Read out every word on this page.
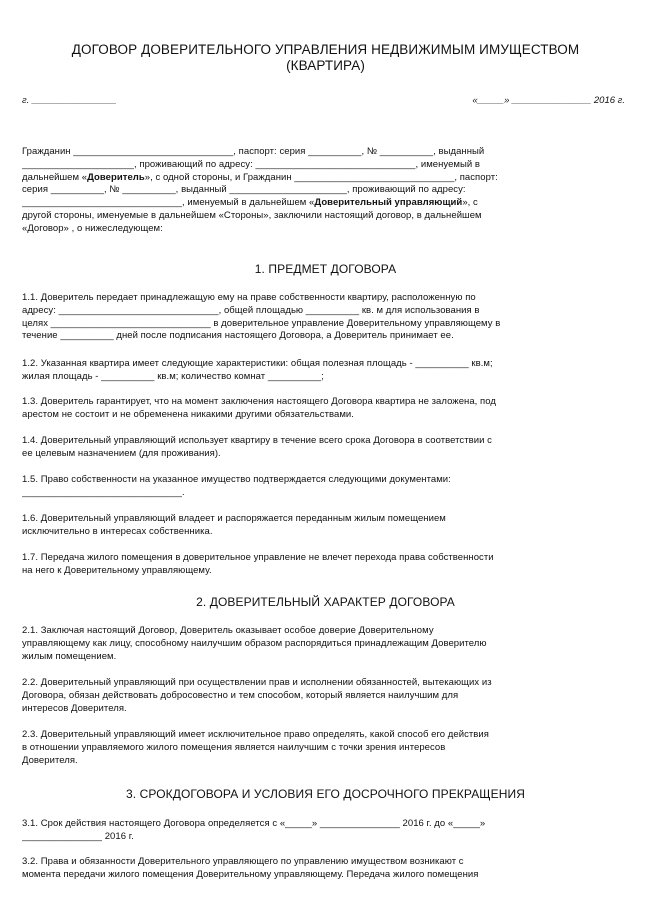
ДОГОВОР ДОВЕРИТЕЛЬНОГО УПРАВЛЕНИЯ НЕДВИЖИМЫМ ИМУЩЕСТВОМ
(КВАРТИРА)
г. ________________	«_____» _______________ 2016 г.
Гражданин ______________________________, паспорт: серия __________, № __________, выданный
_____________________, проживающий по адресу: ______________________________, именуемый в
дальнейшем «Доверитель», с одной стороны, и Гражданин ______________________________, паспорт:
серия __________, № __________, выданный ______________________, проживающий по адресу:
______________________________, именуемый в дальнейшем «Доверительный управляющий», с
другой стороны, именуемые в дальнейшем «Стороны», заключили настоящий договор, в дальнейшем
«Договор» , о нижеследующем:
1. ПРЕДМЕТ ДОГОВОРА
1.1. Доверитель передает принадлежащую ему на праве собственности квартиру, расположенную по
адресу: ______________________________, общей площадью __________ кв. м для использования в
целях ______________________________ в доверительное управление Доверительному управляющему в
течение __________ дней после подписания настоящего Договора, а Доверитель принимает ее.
1.2. Указанная квартира имеет следующие характеристики: общая полезная площадь - __________ кв.м;
жилая площадь - __________ кв.м; количество комнат __________;
1.3. Доверитель гарантирует, что на момент заключения настоящего Договора квартира не заложена, под
арестом не состоит и не обременена никакими другими обязательствами.
1.4. Доверительный управляющий использует квартиру в течение всего срока Договора в соответствии с
ее целевым назначением (для проживания).
1.5. Право собственности на указанное имущество подтверждается следующими документами:
______________________________.
1.6. Доверительный управляющий владеет и распоряжается переданным жилым помещением
исключительно в интересах собственника.
1.7. Передача жилого помещения в доверительное управление не влечет перехода права собственности
на него к Доверительному управляющему.
2. ДОВЕРИТЕЛЬНЫЙ ХАРАКТЕР ДОГОВОРА
2.1. Заключая настоящий Договор, Доверитель оказывает особое доверие Доверительному
управляющему как лицу, способному наилучшим образом распорядиться принадлежащим Доверителю
жилым помещением.
2.2. Доверительный управляющий при осуществлении прав и исполнении обязанностей, вытекающих из
Договора, обязан действовать добросовестно и тем способом, который является наилучшим для
интересов Доверителя.
2.3. Доверительный управляющий имеет исключительное право определять, какой способ его действия
в отношении управляемого жилого помещения является наилучшим с точки зрения интересов
Доверителя.
3. СРОКДОГОВОРА И УСЛОВИЯ ЕГО ДОСРОЧНОГО ПРЕКРАЩЕНИЯ
3.1. Срок действия настоящего Договора определяется с «_____» _______________ 2016 г. до «_____»
_______________ 2016 г.
3.2. Права и обязанности Доверительного управляющего по управлению имуществом возникают с
момента передачи жилого помещения Доверительному управляющему. Передача жилого помещения
